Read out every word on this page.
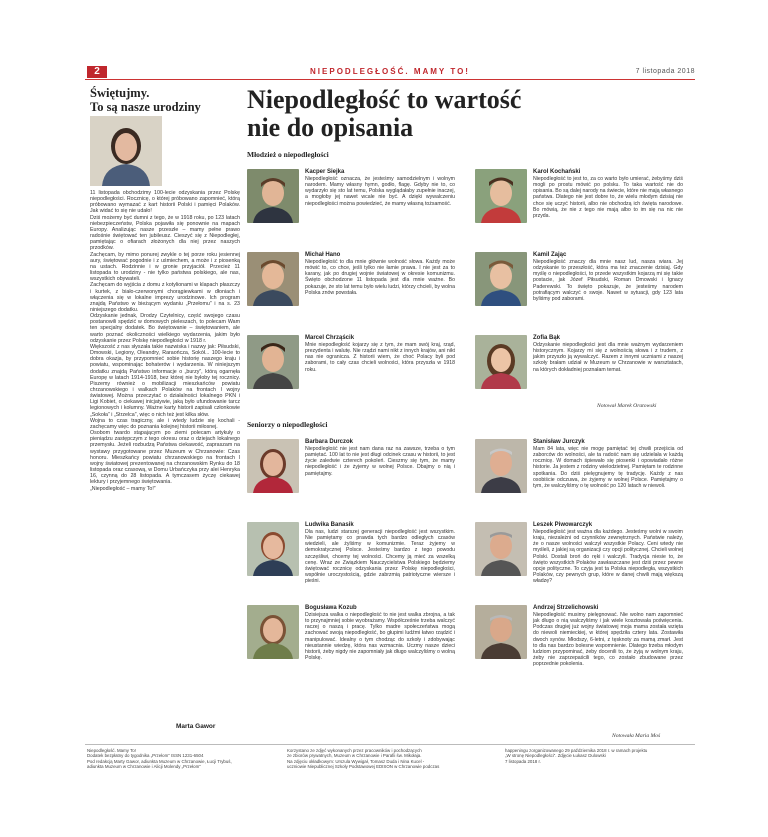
2	NIEPODLEGŁOŚĆ. MAMY TO!	7 listopada 2018
Świętujmy.
To są nasze urodziny

11 listopada obchodzimy 100-lecie odzyskania przez Polskę niepodległości. Rocznicę, o której próbowano zapomnieć, którą próbowano wymazać z kart historii Polski i pamięci Polaków. Jak widać to się nie udało!

Dziś możemy być dumni z tego, że w 1918 roku, po 123 latach niebezpieczeństw, Polska pojawiła się ponownie na mapach Europy. Analizując nasze przeszłe – mamy pełne prawo radośnie świętować ten jubileusz. Cieszyć się z Niepodległej, pamiętając o ofiarach złożonych dla niej przez naszych przodków.

Zachęcam, by mimo ponurej zwykle o tej porze roku jesiennej aury, świętować pogodnie i z uśmiechem, a może i z piosenką na ustach. Rodzinnie i w gronie przyjaciół. Przecież 11 listopada to urodziny - nie tylko państwa polskiego, ale nas, wszystkich obywateli.

Zachęcam do wyjścia z domu z kotylionami w klapach płaszczy i kurtek, z biało-czerwonymi chorągiewkami w dłoniach i włączenia się w lokalne imprezy urodzinowe. Ich program znajdą Państwo w bieżącym wydaniu „Przełomu” i na s. 23 niniejszego dodatku.

Odzyskanie jednak, Drodzy Czytelnicy, część swojego czasu postanowili spędzić w domowych pieleszach, to polecam Wam ten specjalny dodatek. Bo świętowanie – świętowaniem, ale warto poznać okoliczności wielkiego wydarzenia, jakim było odzyskanie przez Polskę niepodległości w 1918 r.

Większość z nas słyszała takie nazwiska i nazwy jak: Piłsudski, Dmowski, Legiony, Oleandry, Raraończa, Sokół... 100-lecie to dobra okazja, by przypomnieć sobie historię naszego kraju i powiatu, wspominając bohaterów i wydarzenia. W niniejszym dodatku znajdą Państwo informacje o „burzy”, którą ogarnęła Europę w latach 1914-1918, bez której nie byłoby tej rocznicy. Piszemy również o mobilizacji mieszkańców powiatu chrzanowskiego i walkach Polaków na frontach I wojny światowej. Można przeczytać o działalności lokalnego PKN i Ligi Kobiet, o ciekawej inicjatywie, jaką było ufundowanie tarcz legionowych i kołumny. Ważne karty historii zapisali członkowie „Sokoła” i „Strzelca”, więc o nich też jest kilka słów.

Wojna to czas tragiczny, ale i wtedy ludzie się kochali - zachęcamy więc do poznania kolejnej historii miłosnej.

Osobom twardo stąpającym po ziemi polecam artykuły o pieniądzu zastępczym z tego okresu oraz o dziejach lokalnego przemysłu. Jeżeli rozbudzą Państwa ciekawość, zapraszam na wystawy przygotowane przez Muzeum w Chrzanowie: Czas honoru. Mieszkańcy powiatu chrzanowskiego na frontach I wojny światowej prezentowanej na chrzanowskim Rynku do 18 listopada oraz czasową, w Domu Urbańczyka przy alei Henryka 16, czynną do 28 listopada. A tymczasem życzę ciekawej lektury i przyjemnego świętowania.

„Niepodległość – mamy To!”

Marta Gawor
Niepodległość to wartość
nie do opisania
Młodzież o niepodległości
Kacper Siejka
Niepodległość oznacza, że jesteśmy samodzielnym i wolnym narodem. Mamy własny hymn, godło, flagę. Gdyby nie to, co wydarzyło się sto lat temu, Polska wyglądałaby zupełnie inaczej, a mogłoby jej nawet wcale nie być. A dzięki wywalczeniu niepodległości można powiedzieć, że mamy własną tożsamość.
Karol Kochański
Niepodległość to jest to, za co warto było umierać, żebyśmy dziś mogli po prostu mówić po polsku. To taka wartość nie do opisania. Bo są dalej narody na świecie, które nie mają własnego państwa. Dlatego nie jest dobre to, że wielu młodym dzisiaj nie chce się uczyć historii, albo nie obchodzą ich święta narodowe. Bo mówią, że nie z tego nie mają albo to im się na nic nie przyda.
Michał Hano
Niepodległość to dla mnie głównie wolność słowa. Każdy może mówić to, co chce, jeśli tylko nie łamie prawa. I nie jest za to karany, jak po drugiej wojnie światowej w okresie komunizmu. Święto obchodzone 11 listopada jest dla mnie ważne. Bo pokazuje, że sto lat temu było wielu ludzi, którzy chcieli, by wolna Polska znów powstała.
Kamil Zając
Niepodległość znaczy dla mnie nasz lud, nasza wiara. Jej odzyskanie to przeszłość, która ma też znaczenie dzisiaj. Gdy myślę o niepodległości, to przede wszystkim kojarzą mi się takie postacie, jak Józef Piłsudski, Roman Dmowski i Ignacy Paderewski. To święto pokazuje, że jesteśmy narodem potrafiącym walczyć o swoje. Nawet w sytuacji, gdy 123 lata byliśmy pod zaborami.
Marcel Chrząścik
Mnie niepodległość kojarzy się z tym, że mam swój kraj, rząd, prezydenta i walutę. Nie rządzi nami nikt z innych krajów, ani nikt nas nie ogranicza. Z historii wiem, że choć Polacy byli pod zaborami, to cały czas chcieli wolności, która przyszła w 1918 roku.
Zofia Bąk
Odzyskanie niepodległości jest dla mnie ważnym wydarzeniem historycznym. Kojarzy mi się z wolnością słowa i z trudem, z jakim przyszło ją wywalczyć. Razem z innymi uczniami z naszej szkoły brałam udział w Muzeum w Chrzanowie w warsztatach, na których dokładniej poznałam temat.
Notował Marek Oratowski
Seniorzy o niepodległości
Barbara Durczok
Niepodległość nie jest nam dana raz na zawsze, trzeba o tym pamiętać. 100 lat to nie jest długi odcinek czasu w historii, to jest życie zaledwie czterech pokoleń. Cieszmy się tym, że mamy niepodległość i że żyjemy w wolnej Polsce. Dbajmy o nią i pamiętajmy.
Stanisław Jurczyk
Mam 84 lata, więc nie mogę pamiętać tej chwili przejścia od zaborców do wolności, ale ta radość nam się udzielała w każdą rocznicę. W domach śpiewało się piosenki i opowiadało różne historie. Ja jestem z rodziny wielodzietnej. Pamiętam te rodzinne spotkania. Do dziś pielęgnujemy tę tradycję. Każdy z nas osobiście odczuwa, że żyjemy w wolnej Polsce. Pamiętajmy o tym, że walczyliśmy o tę wolność po 120 latach w niewoli.
Ludwika Banasik
Dla nas, ludzi starszej generacji niepodległość jest wszystkim. Nie pamiętamy co prawda tych bardzo odległych czasów wiedzieli, ale żyliśmy w komunizmie. Teraz żyjemy w demokratycznej Polsce. Jesteśmy bardzo z tego powodu szczęśliwi, chcemy tej wolności. Chcemy ją mieć za wszelką cenę. Wraz ze Związkiem Nauczycielstwa Polskiego będziemy świętować rocznicę odzyskania przez Polskę niepodległości, współnie uroczystością, gdzie zabrzmią patriotyczne wiersze i pieśni.
Leszek Piwowarczyk
Niepodległość jest ważna dla każdego. Jesteśmy wolni w swoim kraju, niezależni od czynników zewnętrznych. Państwie należy, że o nasze wolności walczył wszystkie Polacy. Ceni wtedy nie myśleli, z jakiej są organizacji czy opcji politycznej. Chcieli wolnej Polski. Dostali broń do ręki i walczyli. Tradycja niesie to, że święto wszystkich Polaków zawłaszczane jest dziś przez pewne opcje polityczne. To czyja jest ta Polska niepodległa, wszystkich Polaków, czy pewnych grup, które w danej chwili mają większą władzę?
Bogusława Kozub
Dzisiejsza walka o niepodległość to nie jest walka zbrojna, a tak to przynajmniej sobie wyobrażamy. Współcześnie trzeba walczyć raczej o naszą i pracę. Tylko madre społeczeństwa mogą zachować swoją niepodległość, bo głupimi ludźmi łatwo rządzić i manipulować. Idealny o tym chodząc do szkoły i zdobywając nieustannie wiedzę, która nas wzmacnia. Uczmy nasze dzieci historii, żeby nigdy nie zapomniały jak długo walczyliśmy o wolną Polskę.
Andrzej Strzelichowski
Niepodległość musimy pielęgnować. Nie wolno nam zapomnieć jak długo o nią walczyliśmy i jak wiele kosztowała poświęcenia. Podczas drugiej już wojny światowej moja mama została wzięta do niewoli niemieckiej, w której spędziła cztery lata. Zostawiła dwoch synów. Młodszy, 6-letni, z tęsknoty za mamą zmarł. Jest to dla nas bardzo bolesne wspomnienie. Dlatego trzeba młodym ludziom przypominać, żeby docenili to, że żyją w wolnym kraju, żeby nie zaprzepaścili tego, co zostało zbudowane przez poprzednie pokolenia.
Notowała Maria Moś
Niepodległość. Mamy To!
Dodatek bezpłatny do tygodnika „Przełom” ISSN 1231-6504
Pod redakcją Marty Gawor, adiunkta Muzeum w Chrzanowie, Łucji Trybuś,
adiunkta Muzeum w Chrzanowie i Alicji Molendy „Przełom”
Korzystano ze zdjęć wykonanych przez pracowników i pochodzących
ze zbiorów prywatnych, Muzeum w Chrzanowie i Parafii św. Mikołaja.
Na zdjęciu okładkowym: Urszula Wywigał, Tomasz Duda i Nina Kucel -
uczniowie Niepublicznej Szkoły Podstawowej EDISON w Chrzanowie podczas
happeningu zorganizowanego 29 października 2018 r. w ramach projektu
„W stronę Niepodległości”. Zdjęcie Łukasz Dulowski
7 listopada 2018 r.
